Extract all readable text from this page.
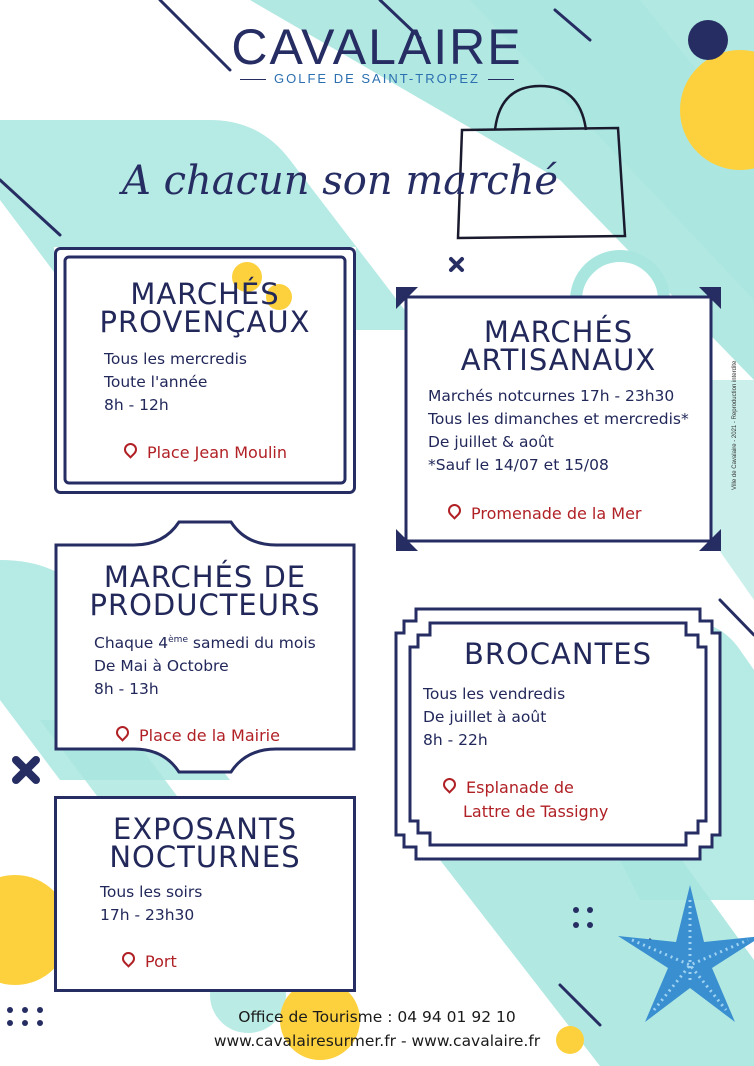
CAVALAIRE
GOLFE DE SAINT-TROPEZ
A chacun son marché
MARCHÉS
PROVENÇAUX
Tous les mercredis
Toute l'année
8h - 12h
Place Jean Moulin
MARCHÉS
ARTISANAUX
Marchés notcurnes 17h - 23h30
Tous les dimanches et mercredis*
De juillet & août
*Sauf le 14/07 et 15/08
Promenade de la Mer
MARCHÉS DE
PRODUCTEURS
Chaque 4ème samedi du mois
De Mai à Octobre
8h - 13h
Place de la Mairie
BROCANTES
Tous les vendredis
De juillet à août
8h - 22h
Esplanade de
Lattre de Tassigny
EXPOSANTS
NOCTURNES
Tous les soirs
17h - 23h30
Port
Office de Tourisme : 04 94 01 92 10
www.cavalairesurmer.fr - www.cavalaire.fr
Ville de Cavalaire - 2021 - Reproduction interdite
